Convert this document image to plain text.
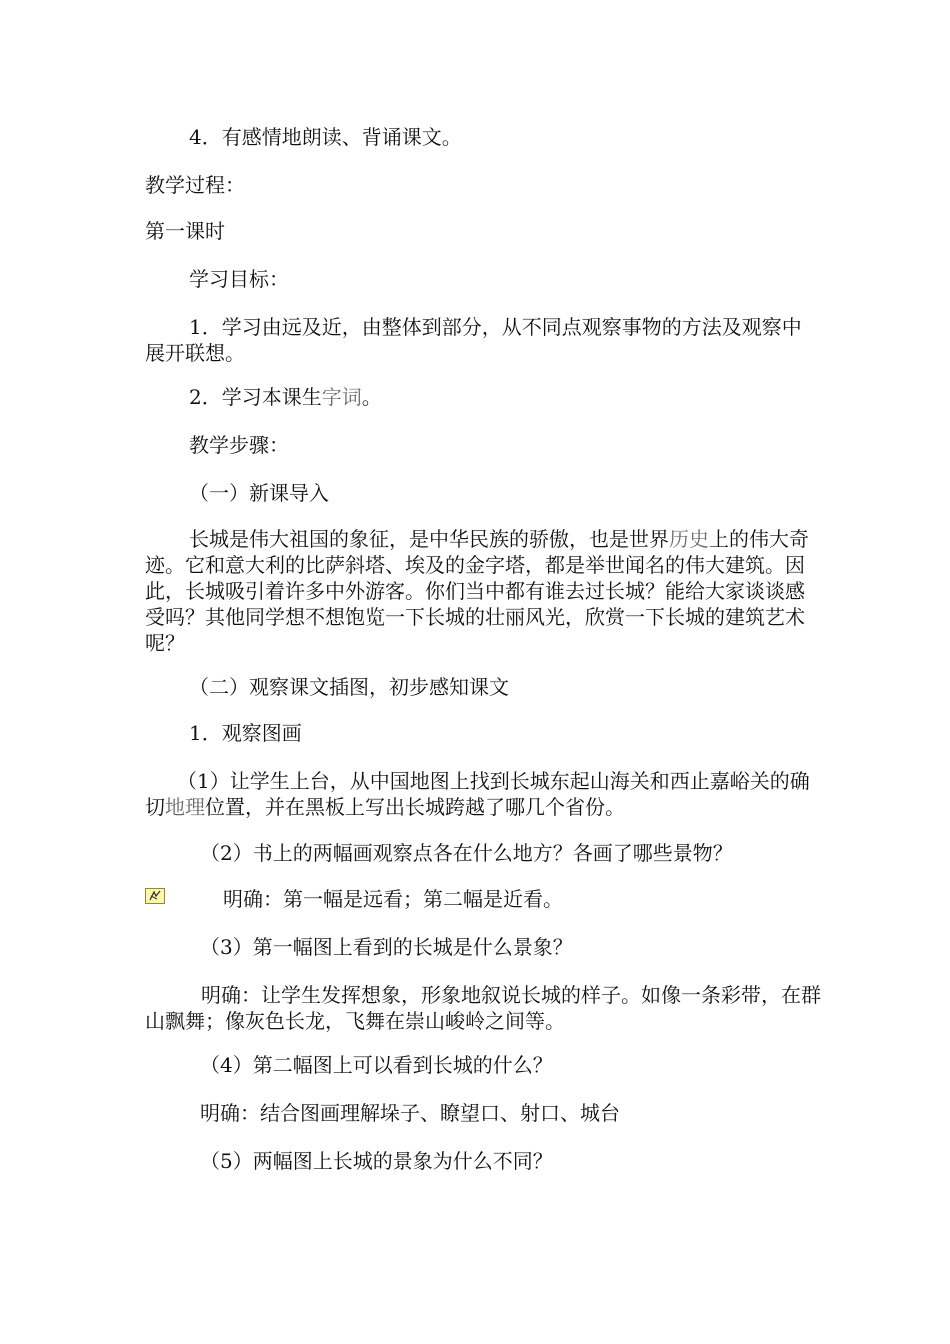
4．有感情地朗读、背诵课文。

教学过程：

第一课时

学习目标：

1．学习由远及近，由整体到部分，从不同点观察事物的方法及观察中展开联想。

2．学习本课生字词。

教学步骤：

（一）新课导入

长城是伟大祖国的象征，是中华民族的骄傲，也是世界历史上的伟大奇迹。它和意大利的比萨斜塔、埃及的金字塔，都是举世闻名的伟大建筑。因此，长城吸引着许多中外游客。你们当中都有谁去过长城？能给大家谈谈感受吗？其他同学想不想饱览一下长城的壮丽风光，欣赏一下长城的建筑艺术呢？

（二）观察课文插图，初步感知课文

1．观察图画

（1）让学生上台，从中国地图上找到长城东起山海关和西止嘉峪关的确切地理位置，并在黑板上写出长城跨越了哪几个省份。

（2）书上的两幅画观察点各在什么地方？各画了哪些景物？

明确：第一幅是远看；第二幅是近看。

（3）第一幅图上看到的长城是什么景象？

明确：让学生发挥想象，形象地叙说长城的样子。如像一条彩带，在群山飘舞；像灰色长龙，飞舞在崇山峻岭之间等。

（4）第二幅图上可以看到长城的什么？

明确：结合图画理解垛子、瞭望口、射口、城台

（5）两幅图上长城的景象为什么不同？
